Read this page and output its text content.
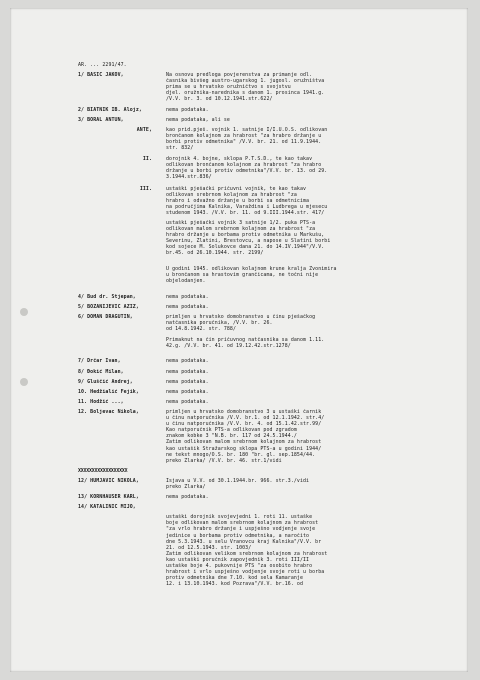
AR. ... 2291/47.
1/ BAŠIĆ JAKOV,	Na osnovu predloga povjerenstva za primanje odl.
časnika bivšeg austro-ugarskog 1. jugosl. oružništva
prima se u hrvatsko oružničtvo s svojstvu
djel. oružnika-narednika s danom 1. prosinca 1941.g.
/V.V. br. 3. od 10.12.1941.str.622/
2/ BIATNIK IB. Alojz,	nema podataka.
3/ BORAL ANTUN,	nema podataka, ali se
ANTE,	kao prid.pješ. vojnik 1. satnije I/I.U.O.S. odlikovan
brončanom kolajnom za hrabrost "za hrabro držanje u
borbi protiv odmetnika" /V.V. br. 21. od 11.9.1944.
str. 832/
II.	dorojnik 4. bojne, sklopa P.T.S.D., te kao takav
odlikovan brončanom kolajnom za hrabrost "za hrabro
držanje u borbi protiv odmetnika"/V.V. br. 13. od 29.
3.1944.str.836/
III.	ustaški pješački pričuvni vojnik, te kao takav
odlikovan srebrnom kolajnom za hrabrost "za
hrabro i odvažno držanje u borbi sa odmetnicima
na područjima Kalnika, Varaždina i Ludbrega u mjesecu
studenom 1943. /V.V. br. 11. od 9.III.1944.str. 417/
ustaški pješački vojnik 3 satnije 1/2. puka PTS-a
odlikovan malom srebrnom kolajnom za hrabrost "za
hrabro držanje u borbama protiv odmetnika u Markušu,
Ševerinu, Zlatini, Brestovcu, a napose u Slatini borbi
kod sojece M. Solukovce dana 21. do 14.IV.1944"/V.V.
br.45. od 26.10.1944. str. 2199/
U godini 1945. odlikovan kolajnom krune kralja Zvonimira
u brončanom sa hrastovim grančicama, ne točni nije
objelodanjen.
4/ Bud dr. Stjepan,	nema podataka.
5/ BOZANIJEVIĆ AZIZ,	nema podataka.
6/ DOMAN DRAGUTIN,	primljen u hrvatsko domobranstvo u činu pješačkog
natčasnika poručnika, /V.V. br. 26.
od 14.8.1942. str. 788/
Primaknut na čin pričuvnog natčasnika sa danom 1.11.
42.g. /V.V. br. 41. od 19.12.42.str.1278/
7/ Drčar Ivan,	nema podataka.
8/ Đokić Milan,	nema podataka.
9/ Gluščić Andrej,	nema podataka.
10. Hedžialić Fejik,	nema podataka.
11. Hodžić ...,	nema podataka.
12. Boljevac Nikola,	primljen u hrvatsko domobranstvo 3 u ustaški čarnik
u činu natporučnika /V.V. br.1. od 12.1.1942. str.4/
u činu natporučnika /V.V. br. 4. od 15.1.42.str.99/
Kao natporučnik PTS-a odlikovan pod zgradom
znakom kobke 3 "N.B. br. 117 od 24.5.1944./
Zatim odlikovan malom srebrnom kolajnom za hrabrost
kao ustašik Stražarskog sklopa PTS-a u godini 1944/
ne tekst mnogo/O.S. br. 180 "br. gl. sep.1854/44.
preko Zlarka/ /V.V. br. 46. str.1/vidi
XXXXXXXXXXXXXXXXXX
12/ HUMJAVIĆ NIKOLA,	Isjava u V.V. od 30.1.1944.br. 966. str.3./vidi
preko Zlarka/
13/ KORNHAUSER KARL,	nema podataka.
14/ KATALINIĆ MIJO,
ustaški dorojnik svojevjedni 1. roti 11. ustaške
boje odlikovan malom srebrnom kolajnom za hrabrost
"za vrlo hrabro držanje i uspješno vodjenje svoje
jedinice u borbama protiv odmetnika, a naročito
dne 5.3.1943. u selu Vranovcu kraj Kalnika"/V.V. br
21. od 12.5.1943. str. 1003/
Zatim odlikovan velikom srebrnom kolajnom za hrabrost
kao ustaški poručnik zapovjednik 3. roti III/II
ustaške boje 4. pukovnije PTS "za osobito hrabro
hrabrost i vrlo uspješno vodjenje svoje roti u borba
protiv odmetnika dne 7.10. kod sela Kamaranje
12. i 13.10.1943. kod Pozrava"/V.V. br.16. od
